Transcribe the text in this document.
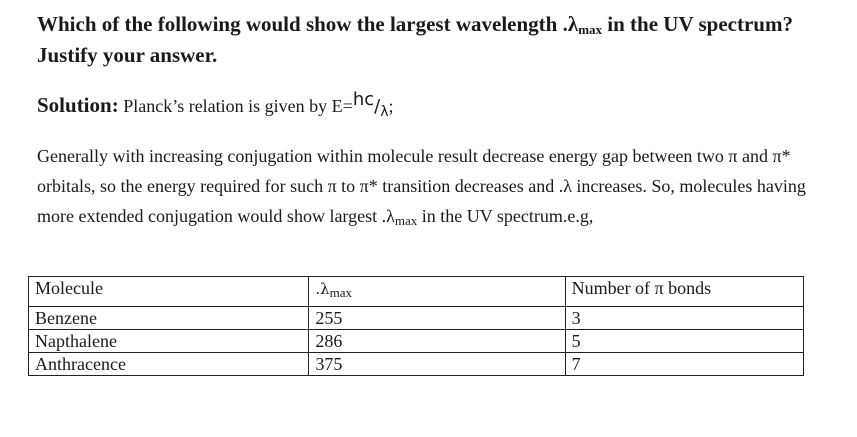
Which of the following would show the largest wavelength $.\lambda_{max}$ in the UV spectrum? Justify your answer.

Solution: Planck’s relation is given by E=hc/λ;

Generally with increasing conjugation within molecule result decrease energy gap between two π and π* orbitals, so the energy required for such π to π* transition decreases and .λ increases. So, molecules having more extended conjugation would show largest $.\lambda_{max}$ in the UV spectrum.e.g,

Molecule	$.\lambda_{max}$	Number of π bonds
Benzene	255	3
Napthalene	286	5
Anthracence	375	7
